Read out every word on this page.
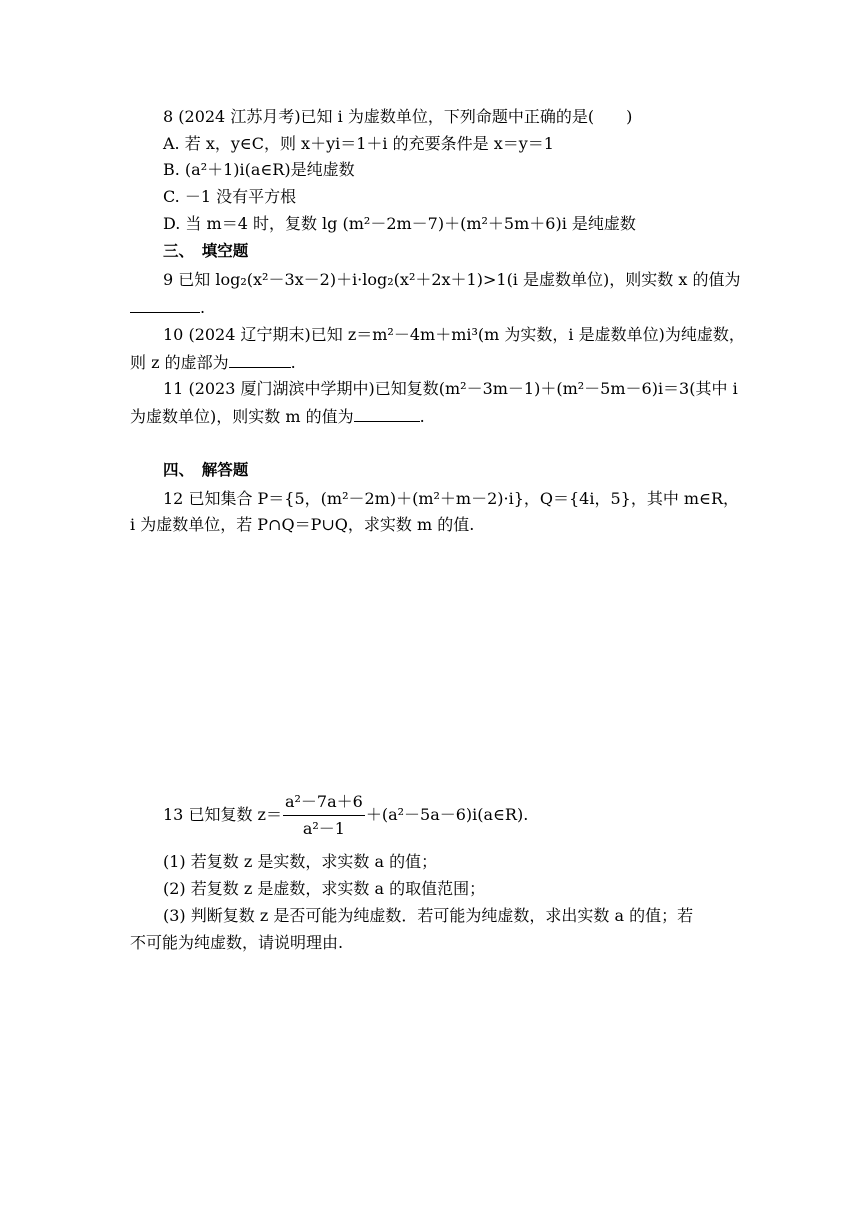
8 (2024 江苏月考)已知 i 为虚数单位，下列命题中正确的是(　　)
A. 若 x，y∈C，则 x＋yi＝1＋i 的充要条件是 x＝y＝1
B. (a²＋1)i(a∈R)是纯虚数
C. －1 没有平方根
D. 当 m＝4 时，复数 lg (m²－2m－7)＋(m²＋5m＋6)i 是纯虚数
三、　填空题
9 已知 log₂(x²－3x－2)＋i·log₂(x²＋2x＋1)>1(i 是虚数单位)，则实数 x 的值为
.
10 (2024 辽宁期末)已知 z＝m²－4m＋mi³(m 为实数，i 是虚数单位)为纯虚数，
则 z 的虚部为	.
11 (2023 厦门湖滨中学期中)已知复数(m²－3m－1)＋(m²－5m－6)i＝3(其中 i
为虚数单位)，则实数 m 的值为	.
四、　解答题
12 已知集合 P＝{5，(m²－2m)＋(m²＋m－2)·i}，Q＝{4i，5}，其中 m∈R，
i 为虚数单位，若 P∩Q＝P∪Q，求实数 m 的值.
13 已知复数 $z= \frac{\text{a²－7a＋6}}{\text{a²－1}}$ ＋(a²－5a－6)i(a∈R).
(1) 若复数 z 是实数，求实数 a 的值；
(2) 若复数 z 是虚数，求实数 a 的取值范围；
(3) 判断复数 z 是否可能为纯虚数．若可能为纯虚数，求出实数 a 的值；若
不可能为纯虚数，请说明理由.
